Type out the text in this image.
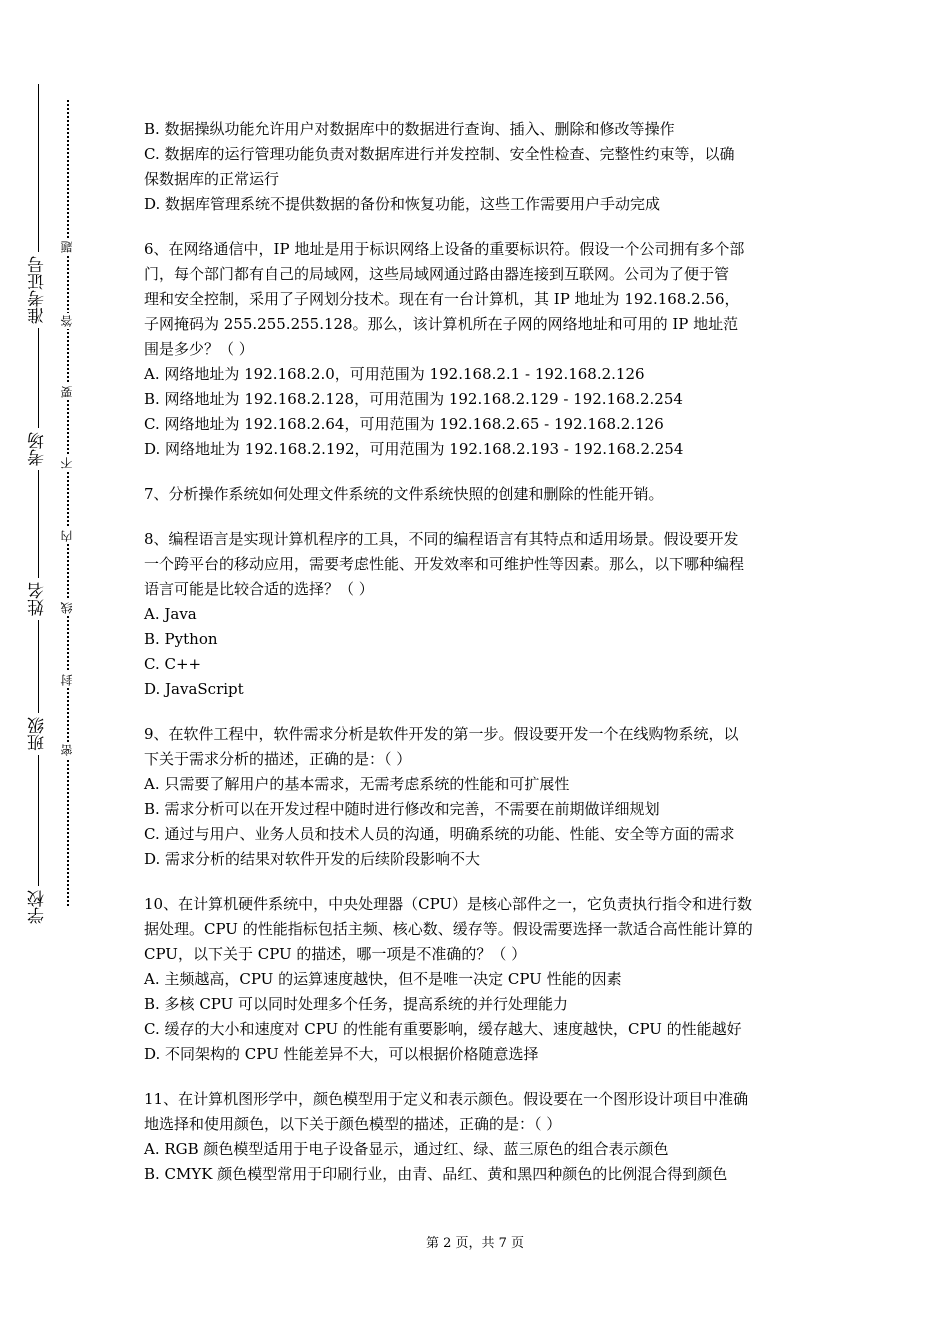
准考证号
考场
姓名
班级
学校
题
答
要
不
内
线
封
密
B. 数据操纵功能允许用户对数据库中的数据进行查询、插入、删除和修改等操作
C. 数据库的运行管理功能负责对数据库进行并发控制、安全性检查、完整性约束等，以确
保数据库的正常运行
D. 数据库管理系统不提供数据的备份和恢复功能，这些工作需要用户手动完成
6、在网络通信中，IP 地址是用于标识网络上设备的重要标识符。假设一个公司拥有多个部
门，每个部门都有自己的局域网，这些局域网通过路由器连接到互联网。公司为了便于管
理和安全控制，采用了子网划分技术。现在有一台计算机，其 IP 地址为 192.168.2.56，
子网掩码为 255.255.255.128。那么，该计算机所在子网的网络地址和可用的 IP 地址范
围是多少？（ ）
A. 网络地址为 192.168.2.0，可用范围为 192.168.2.1 - 192.168.2.126
B. 网络地址为 192.168.2.128，可用范围为 192.168.2.129 - 192.168.2.254
C. 网络地址为 192.168.2.64，可用范围为 192.168.2.65 - 192.168.2.126
D. 网络地址为 192.168.2.192，可用范围为 192.168.2.193 - 192.168.2.254
7、分析操作系统如何处理文件系统的文件系统快照的创建和删除的性能开销。
8、编程语言是实现计算机程序的工具，不同的编程语言有其特点和适用场景。假设要开发
一个跨平台的移动应用，需要考虑性能、开发效率和可维护性等因素。那么，以下哪种编程
语言可能是比较合适的选择？（ ）
A. Java
B. Python
C. C++
D. JavaScript
9、在软件工程中，软件需求分析是软件开发的第一步。假设要开发一个在线购物系统，以
下关于需求分析的描述，正确的是：（ ）
A. 只需要了解用户的基本需求，无需考虑系统的性能和可扩展性
B. 需求分析可以在开发过程中随时进行修改和完善，不需要在前期做详细规划
C. 通过与用户、业务人员和技术人员的沟通，明确系统的功能、性能、安全等方面的需求
D. 需求分析的结果对软件开发的后续阶段影响不大
10、在计算机硬件系统中，中央处理器（CPU）是核心部件之一，它负责执行指令和进行数
据处理。CPU 的性能指标包括主频、核心数、缓存等。假设需要选择一款适合高性能计算的
CPU，以下关于 CPU 的描述，哪一项是不准确的？（ ）
A. 主频越高，CPU 的运算速度越快，但不是唯一决定 CPU 性能的因素
B. 多核 CPU 可以同时处理多个任务，提高系统的并行处理能力
C. 缓存的大小和速度对 CPU 的性能有重要影响，缓存越大、速度越快，CPU 的性能越好
D. 不同架构的 CPU 性能差异不大，可以根据价格随意选择
11、在计算机图形学中，颜色模型用于定义和表示颜色。假设要在一个图形设计项目中准确
地选择和使用颜色，以下关于颜色模型的描述，正确的是：（ ）
A. RGB 颜色模型适用于电子设备显示，通过红、绿、蓝三原色的组合表示颜色
B. CMYK 颜色模型常用于印刷行业，由青、品红、黄和黑四种颜色的比例混合得到颜色
第 2 页，共 7 页
